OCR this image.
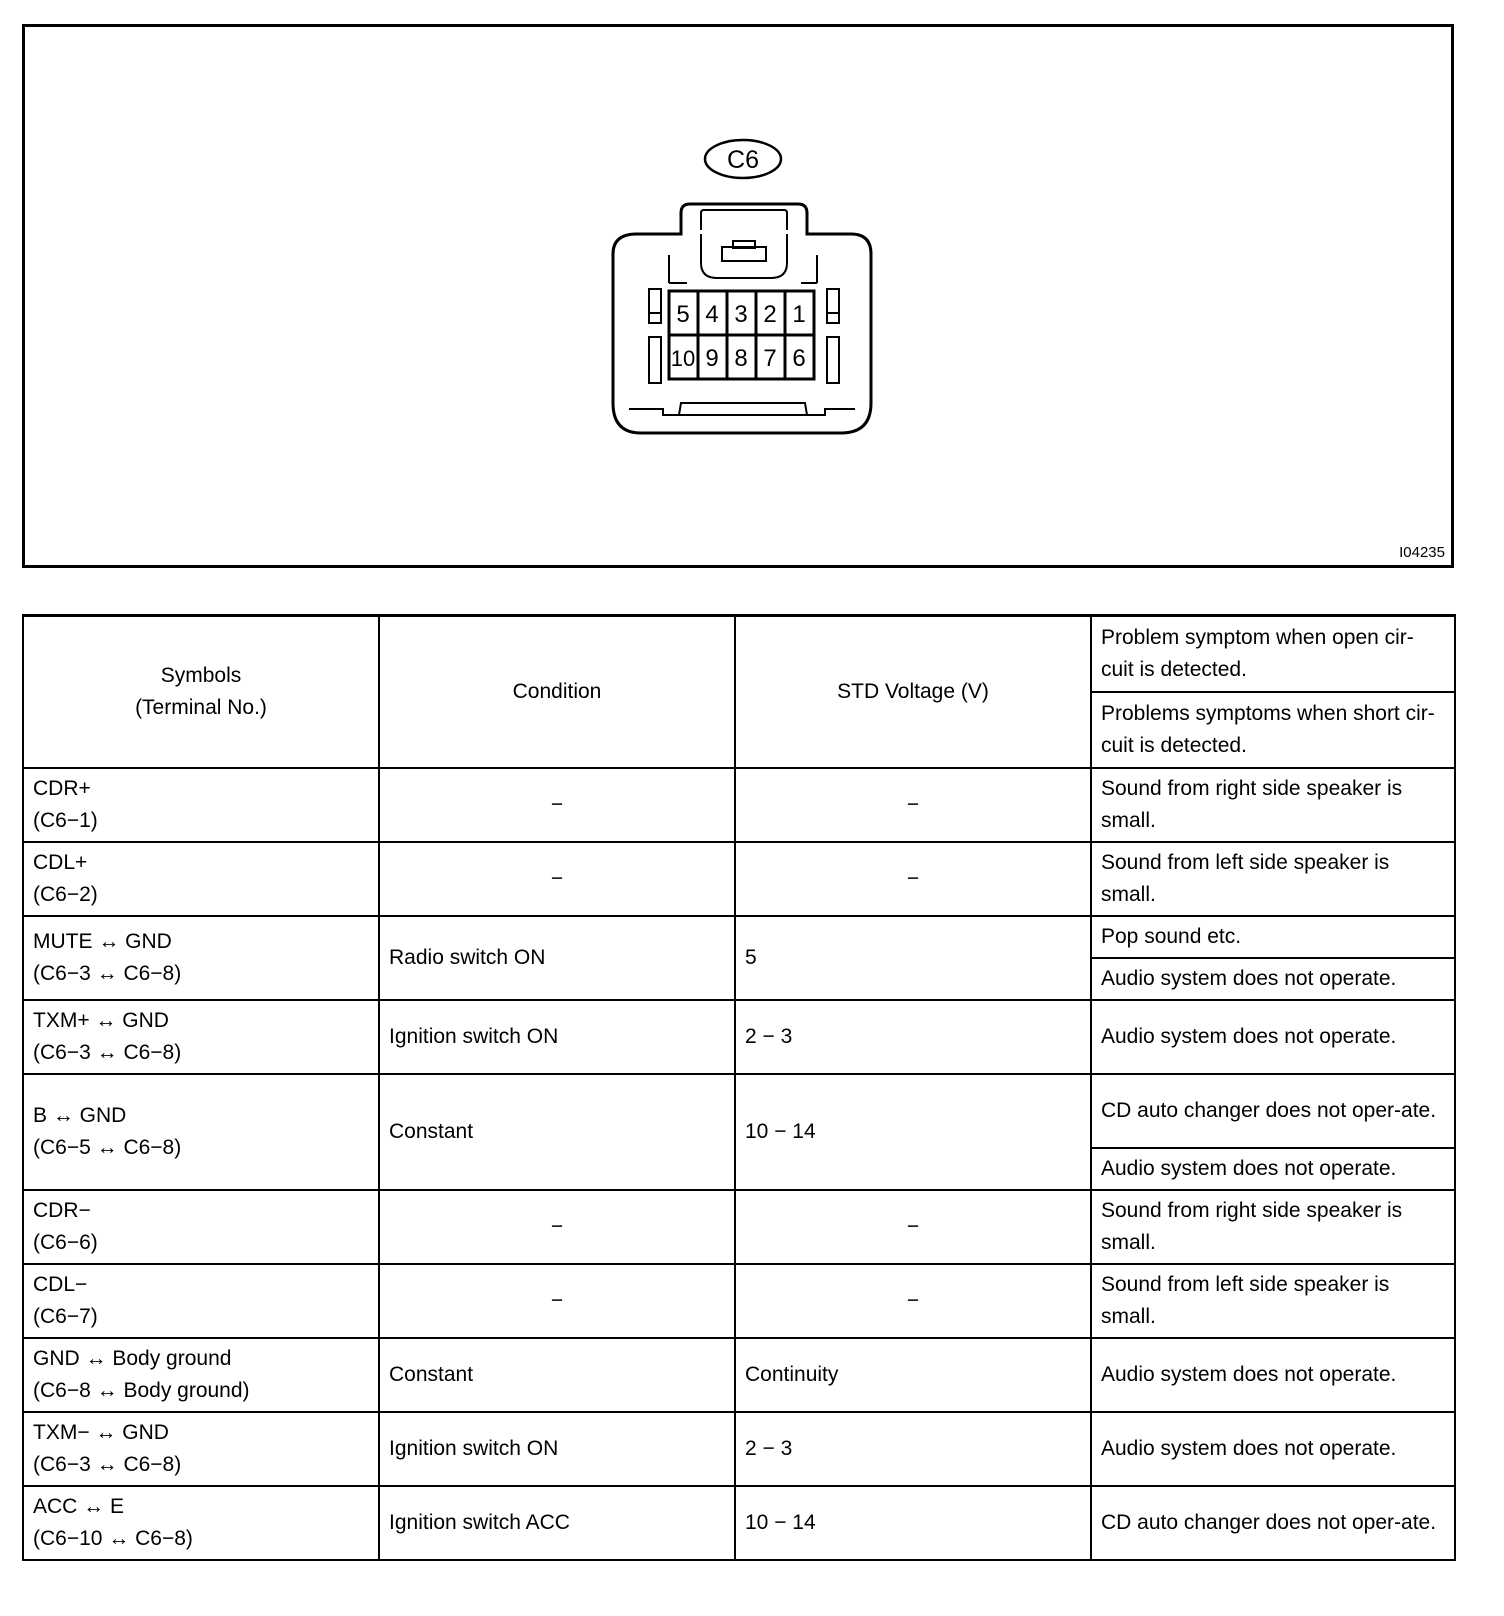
C6
5 4 3 2 1
10 9 8 7 6
I04235
Symbols
(Terminal No.)	Condition	STD Voltage (V)	Problem symptom when open cir-cuit is detected.
			Problems symptoms when short cir-cuit is detected.
CDR+
(C6−1)	−	−	Sound from right side speaker is small.
CDL+
(C6−2)	−	−	Sound from left side speaker is small.
MUTE ↔ GND
(C6−3 ↔ C6−8)	Radio switch ON	5	Pop sound etc.
			Audio system does not operate.
TXM+ ↔ GND
(C6−3 ↔ C6−8)	Ignition switch ON	2 − 3	Audio system does not operate.
B ↔ GND
(C6−5 ↔ C6−8)	Constant	10 − 14	CD auto changer does not oper-ate.
			Audio system does not operate.
CDR−
(C6−6)	−	−	Sound from right side speaker is small.
CDL−
(C6−7)	−	−	Sound from left side speaker is small.
GND ↔ Body ground
(C6−8 ↔ Body ground)	Constant	Continuity	Audio system does not operate.
TXM− ↔ GND
(C6−3 ↔ C6−8)	Ignition switch ON	2 − 3	Audio system does not operate.
ACC ↔ E
(C6−10 ↔ C6−8)	Ignition switch ACC	10 − 14	CD auto changer does not oper-ate.
